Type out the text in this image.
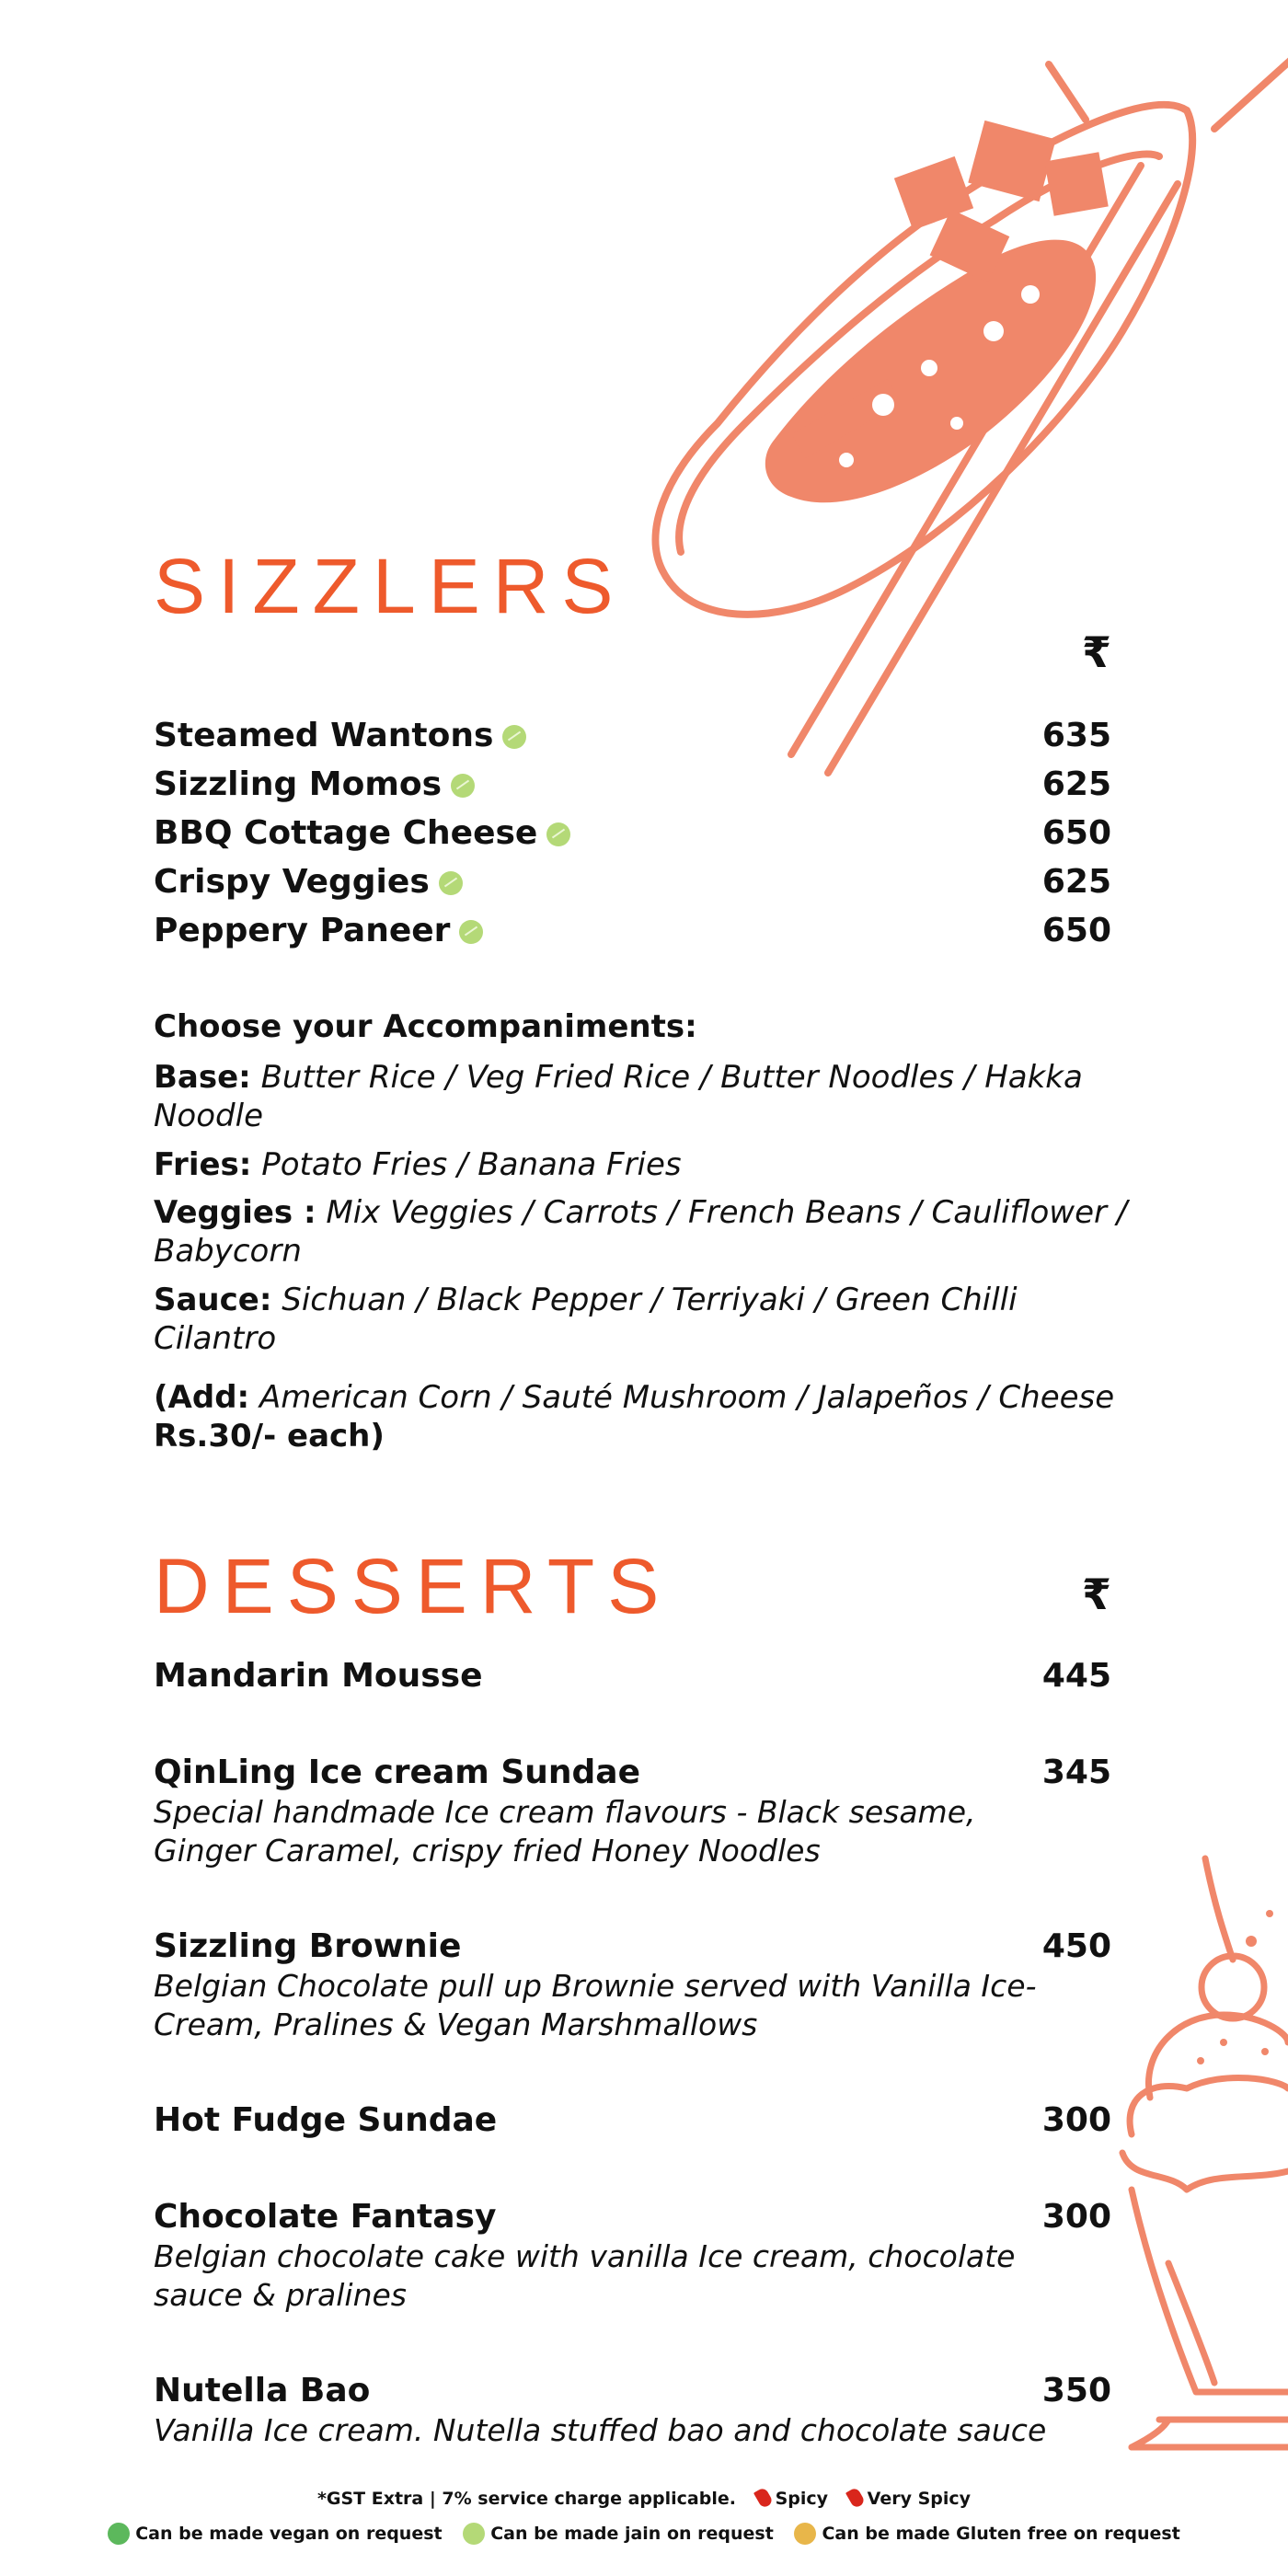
SIZZLERS
₹
Steamed Wantons	635
Sizzling Momos	625
BBQ Cottage Cheese	650
Crispy Veggies	625
Peppery Paneer	650
Choose your Accompaniments:
Base: Butter Rice / Veg Fried Rice / Butter Noodles / Hakka Noodle
Fries: Potato Fries / Banana Fries
Veggies : Mix Veggies / Carrots / French Beans / Cauliflower / Babycorn
Sauce: Sichuan / Black Pepper / Terriyaki / Green Chilli Cilantro
(Add: American Corn / Sauté Mushroom / Jalapeños / Cheese
Rs.30/- each)
DESSERTS	₹
Mandarin Mousse	445
QinLing Ice cream Sundae	345
Special handmade Ice cream flavours - Black sesame, Ginger Caramel, crispy fried Honey Noodles
Sizzling Brownie	450
Belgian Chocolate pull up Brownie served with Vanilla Ice-Cream, Pralines & Vegan Marshmallows
Hot Fudge Sundae	300
Chocolate Fantasy	300
Belgian chocolate cake with vanilla Ice cream, chocolate sauce & pralines
Nutella Bao	350
Vanilla Ice cream. Nutella stuffed bao and chocolate sauce
*GST Extra | 7% service charge applicable. Spicy Very Spicy
Can be made vegan on request	Can be made jain on request	Can be made Gluten free on request
